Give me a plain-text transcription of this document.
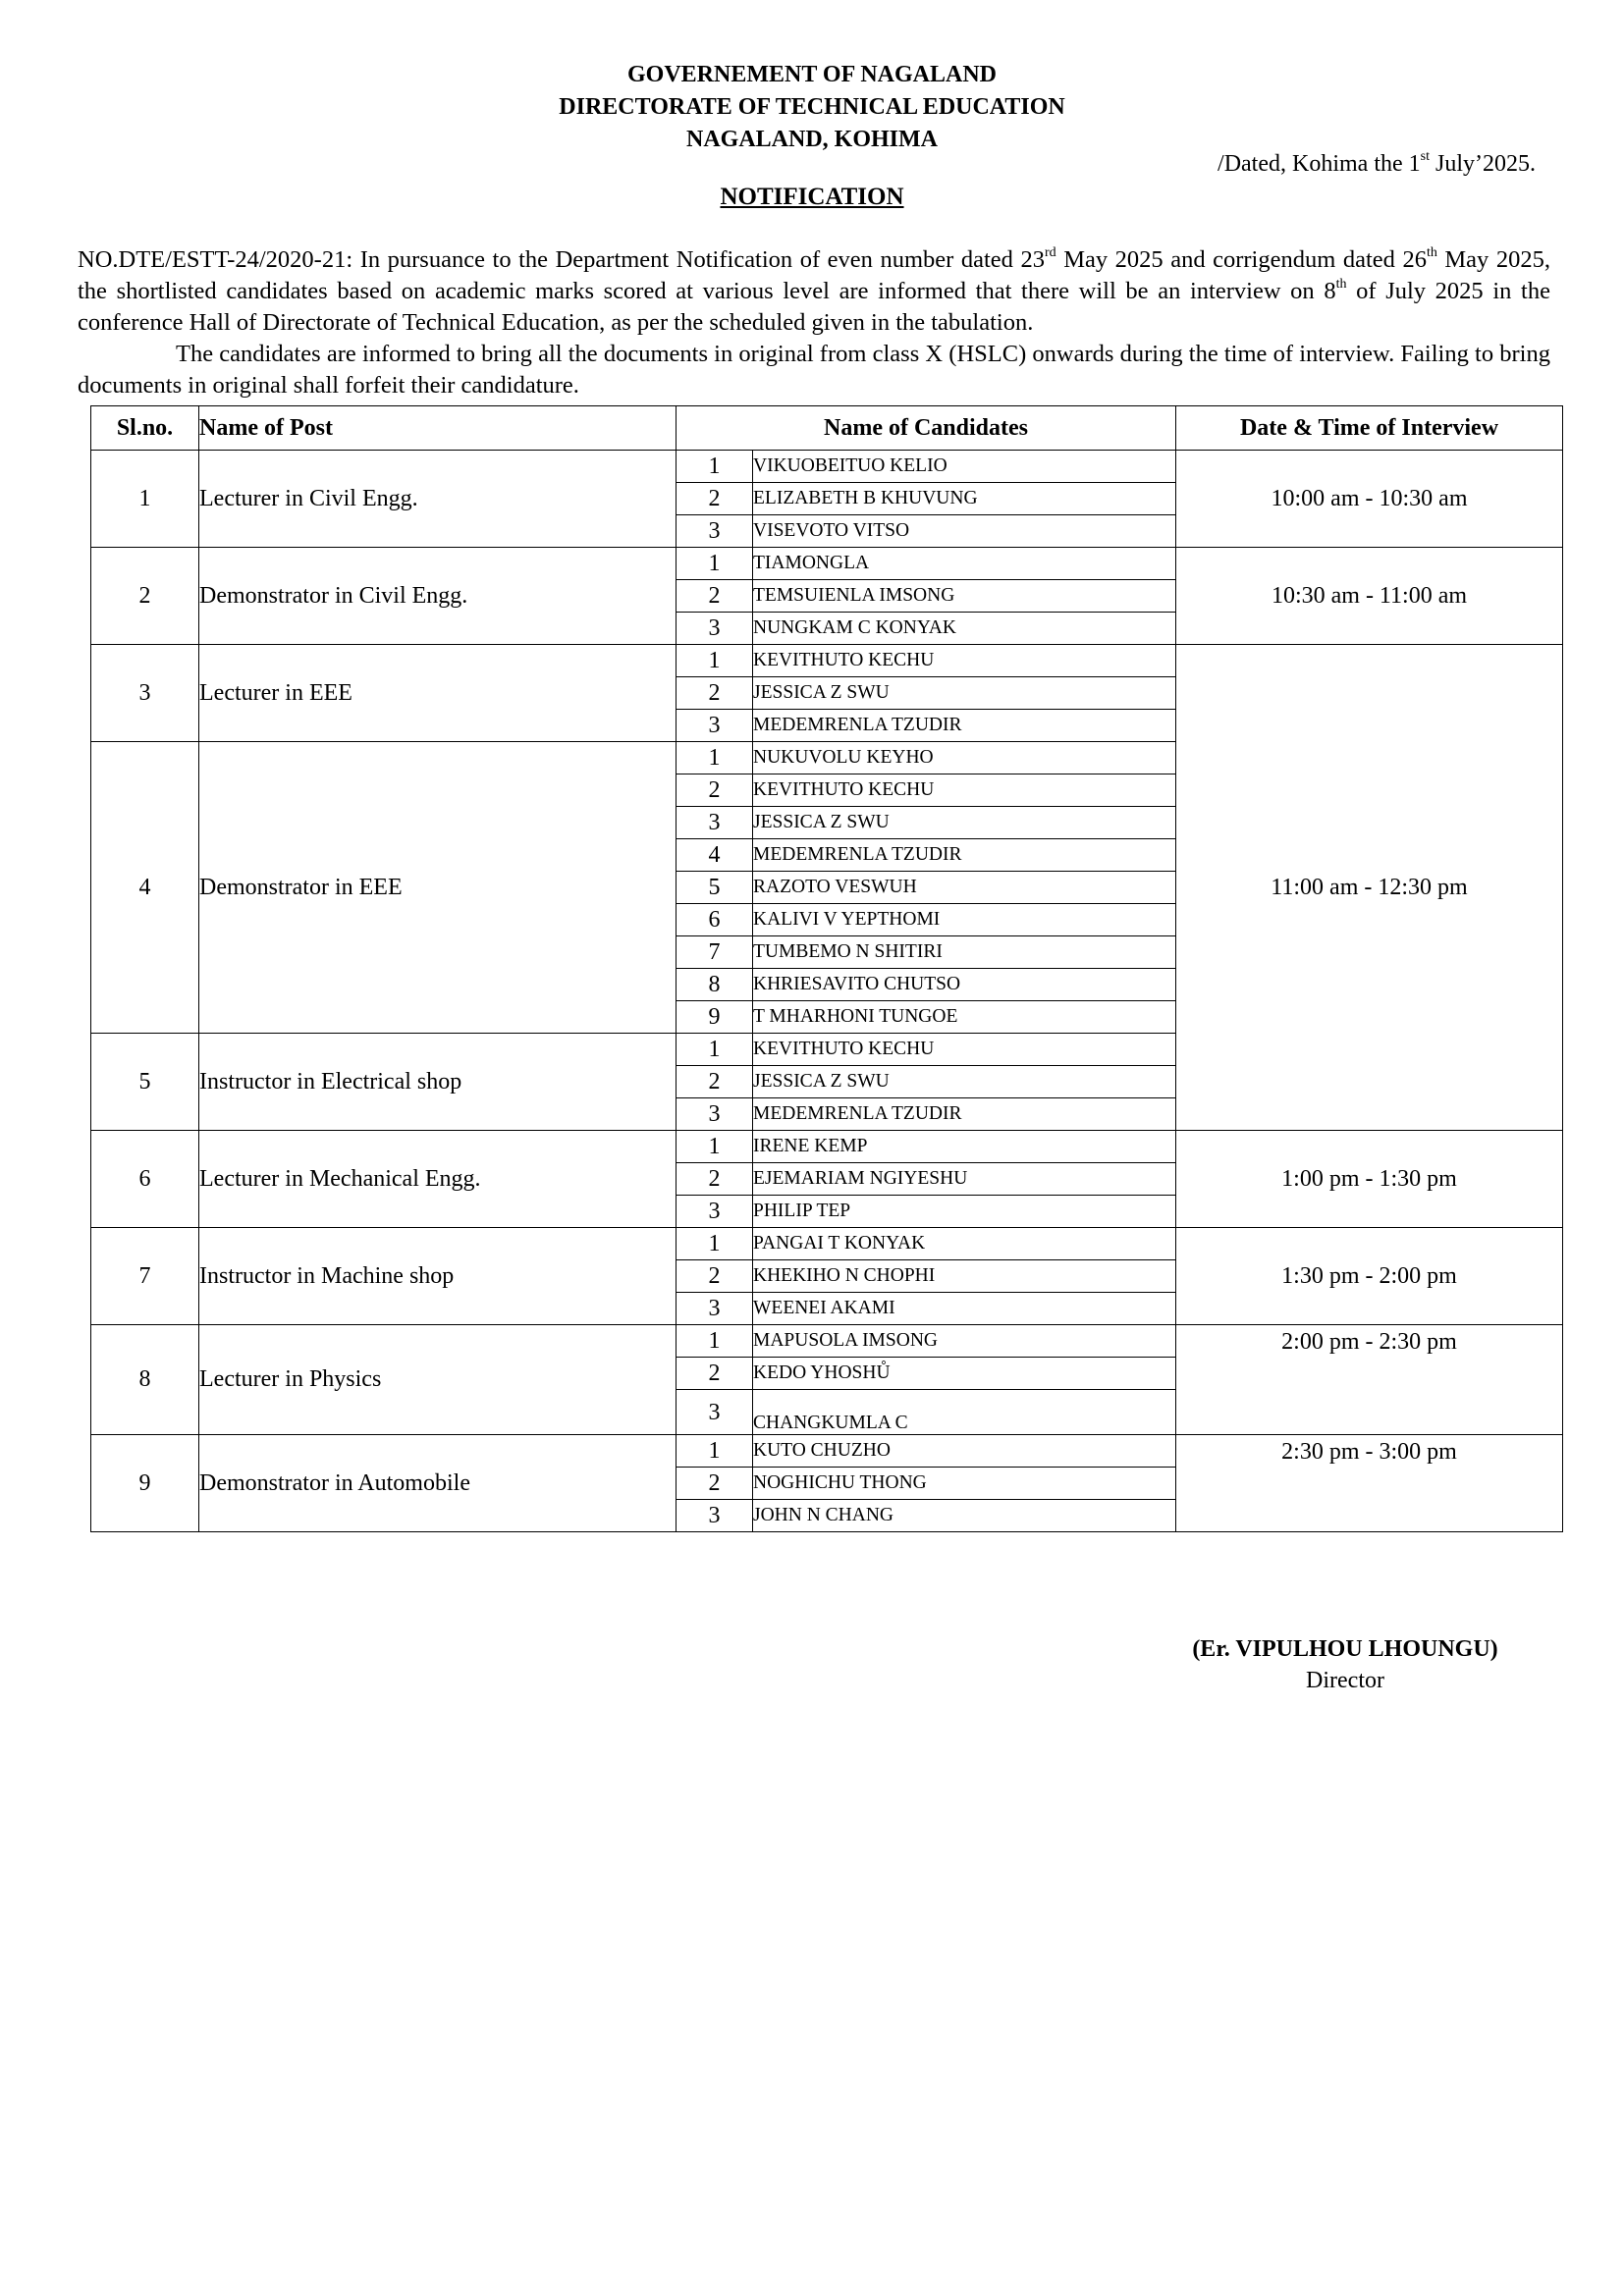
GOVERNEMENT OF NAGALAND
DIRECTORATE OF TECHNICAL EDUCATION
NAGALAND, KOHIMA
/Dated, Kohima the 1st July’2025.
NOTIFICATION

NO.DTE/ESTT-24/2020-21: In pursuance to the Department Notification of even number dated 23rd May 2025 and corrigendum dated 26th May 2025, the shortlisted candidates based on academic marks scored at various level are informed that there will be an interview on 8th of July 2025 in the conference Hall of Directorate of Technical Education, as per the scheduled given in the tabulation.

The candidates are informed to bring all the documents in original from class X (HSLC) onwards during the time of interview. Failing to bring documents in original shall forfeit their candidature.

Sl.no.	Name of Post	Name of Candidates		Date & Time of Interview
1	Lecturer in Civil Engg.	1	VIKUOBEITUO KELIO	10:00 am - 10:30 am
		2	ELIZABETH B KHUVUNG	
		3	VISEVOTO VITSO	
2	Demonstrator in Civil Engg.	1	TIAMONGLA	10:30 am - 11:00 am
		2	TEMSUIENLA IMSONG	
		3	NUNGKAM C KONYAK	
3	Lecturer in EEE	1	KEVITHUTO KECHU	11:00 am - 12:30 pm
		2	JESSICA Z SWU	
		3	MEDEMRENLA TZUDIR	
4	Demonstrator in EEE	1	NUKUVOLU KEYHO	
		2	KEVITHUTO KECHU	
		3	JESSICA Z SWU	
		4	MEDEMRENLA TZUDIR	
		5	RAZOTO VESWUH	
		6	KALIVI V YEPTHOMI	
		7	TUMBEMO N SHITIRI	
		8	KHRIESAVITO CHUTSO	
		9	T MHARHONI TUNGOE	
5	Instructor in Electrical shop	1	KEVITHUTO KECHU	
		2	JESSICA Z SWU	
		3	MEDEMRENLA TZUDIR	
6	Lecturer in Mechanical Engg.	1	IRENE KEMP	1:00 pm - 1:30 pm
		2	EJEMARIAM NGIYESHU	
		3	PHILIP TEP	
7	Instructor in Machine shop	1	PANGAI T KONYAK	1:30 pm - 2:00 pm
		2	KHEKIHO N CHOPHI	
		3	WEENEI AKAMI	
8	Lecturer in Physics	1	MAPUSOLA IMSONG	2:00 pm - 2:30 pm
		2	KEDO YHOSHŮ	
		3	CHANGKUMLA C	
9	Demonstrator in Automobile	1	KUTO CHUZHO	2:30 pm - 3:00 pm
		2	NOGHICHU THONG	
		3	JOHN N CHANG	
(Er. VIPULHOU LHOUNGU)
Director
